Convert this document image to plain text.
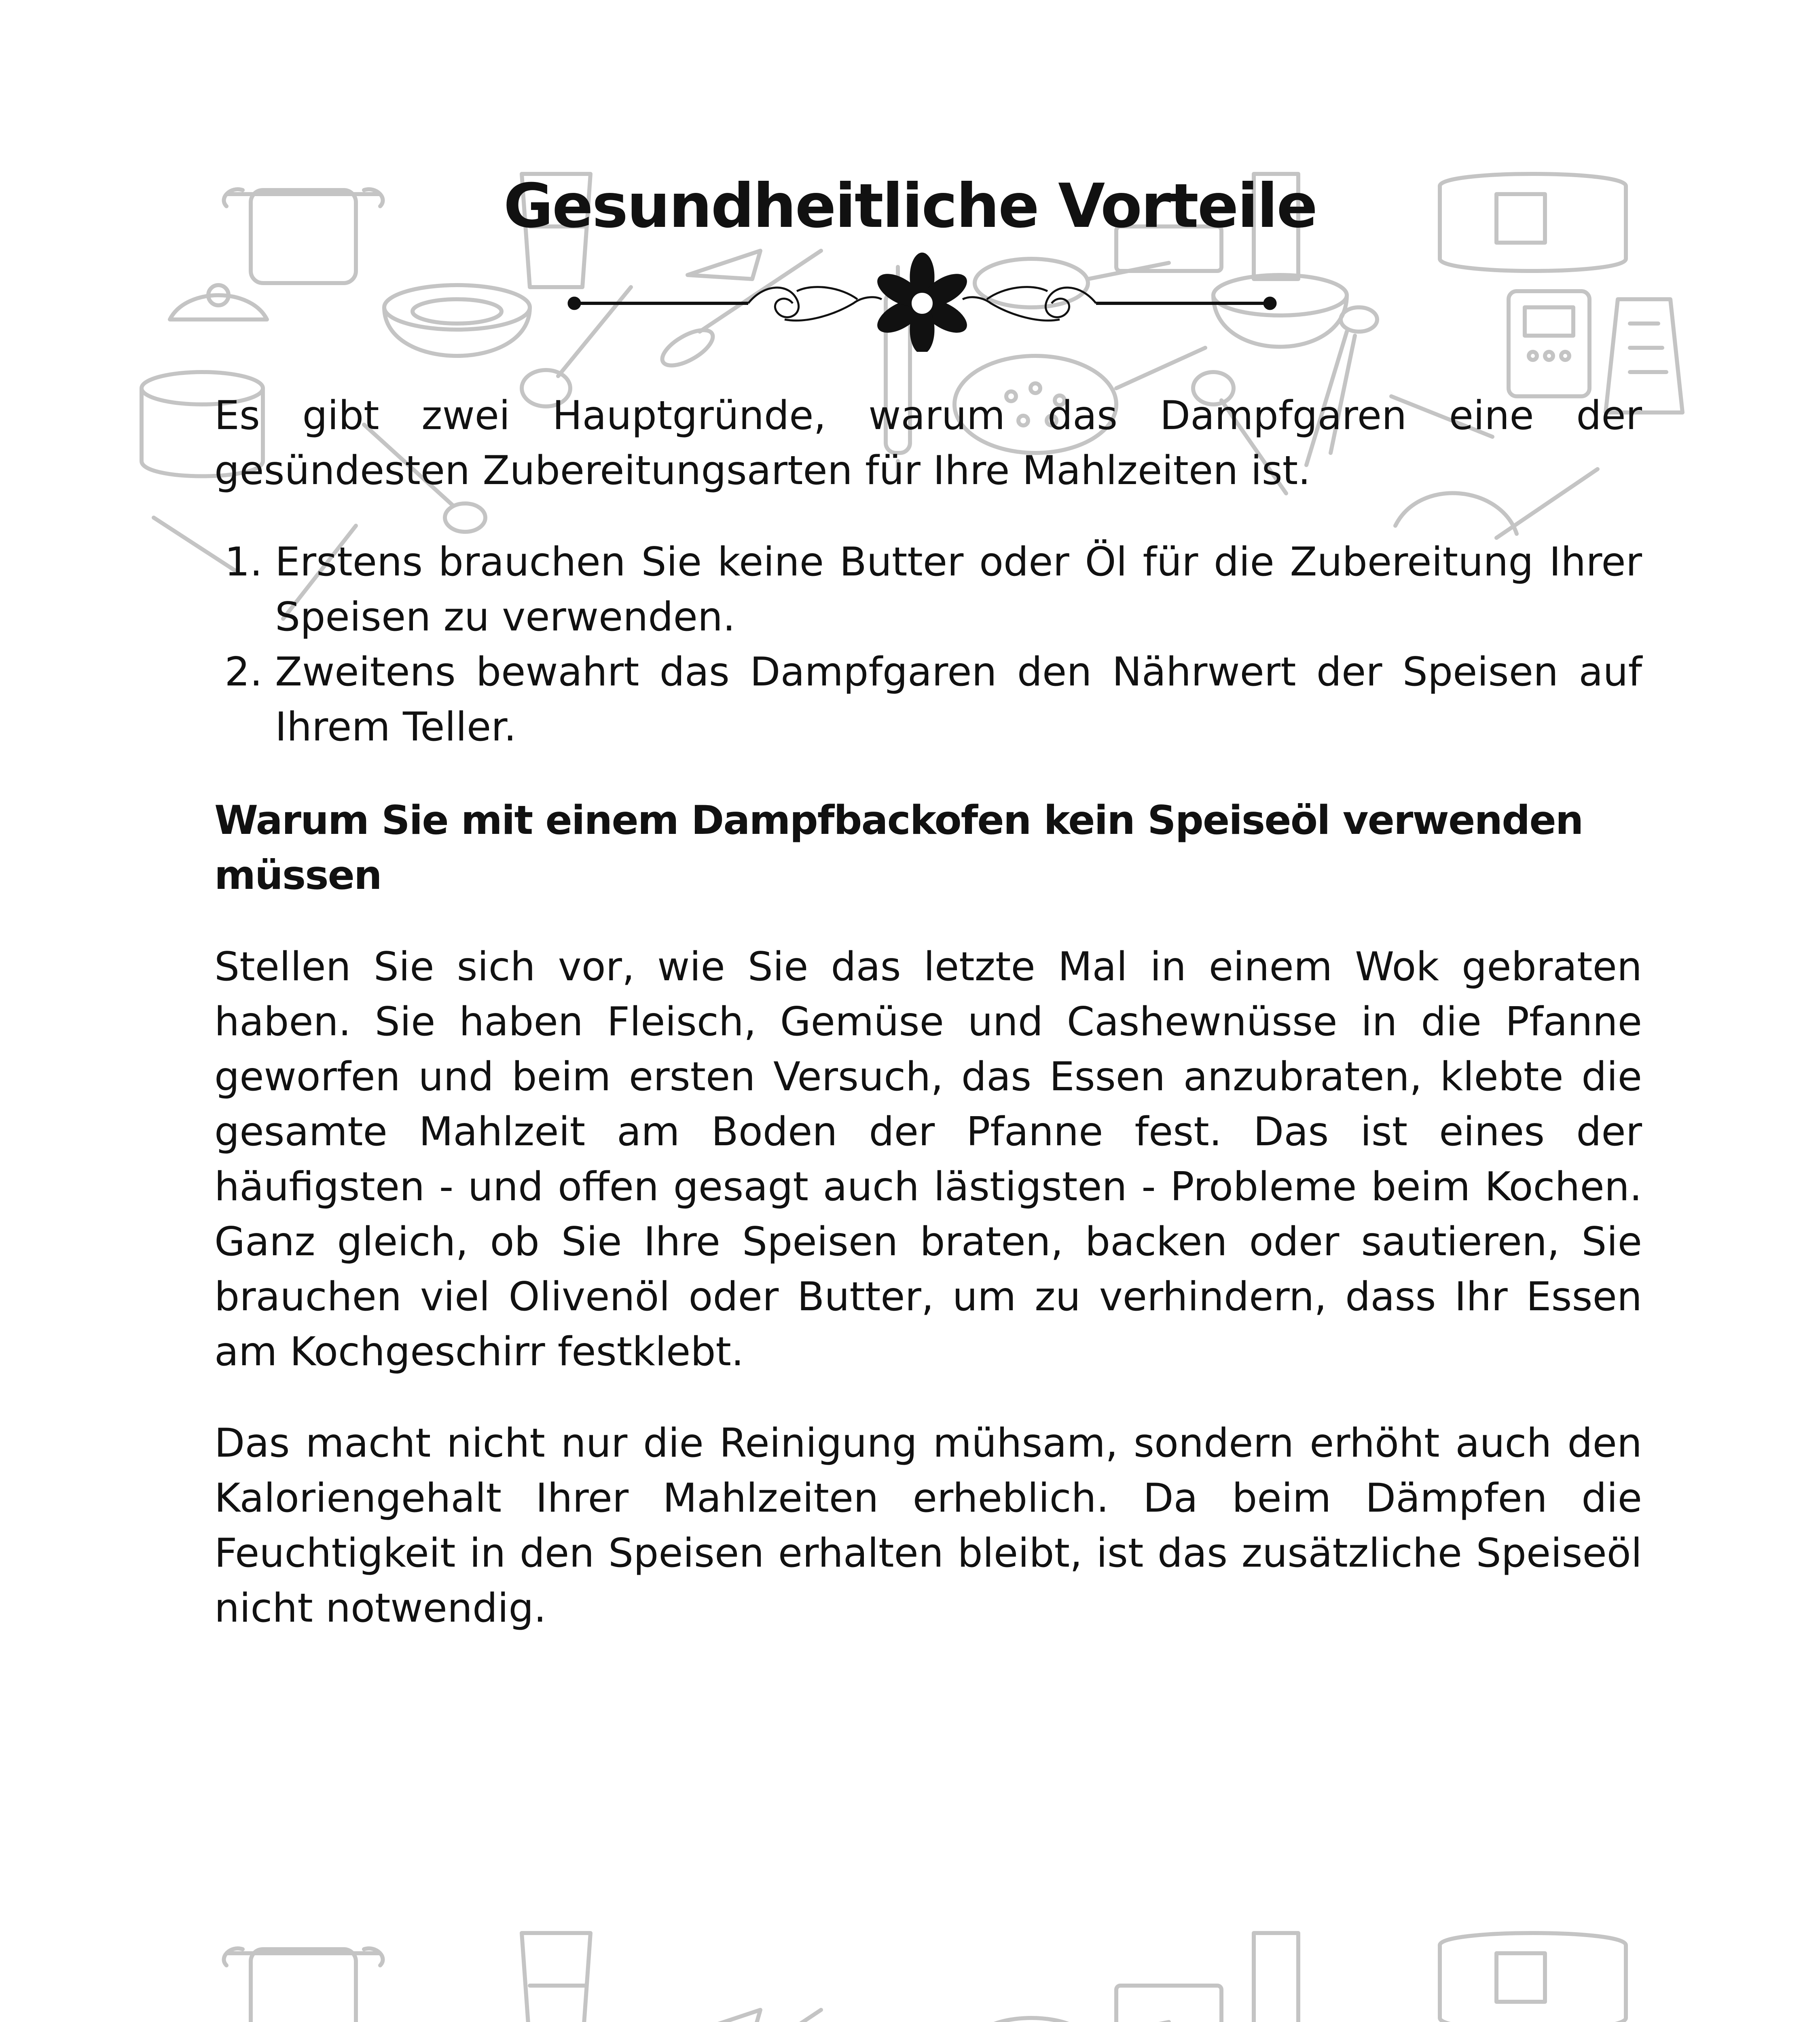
Gesundheitliche Vorteile

Es gibt zwei Hauptgründe, warum das Dampfgaren eine der gesündesten Zubereitungsarten für Ihre Mahlzeiten ist.

1. Erstens brauchen Sie keine Butter oder Öl für die Zubereitung Ihrer Speisen zu verwenden.
2. Zweitens bewahrt das Dampfgaren den Nährwert der Speisen auf Ihrem Teller.
Warum Sie mit einem Dampfbackofen kein Speiseöl verwenden müssen

Stellen Sie sich vor, wie Sie das letzte Mal in einem Wok gebraten haben. Sie haben Fleisch, Gemüse und Cashewnüsse in die Pfanne geworfen und beim ersten Versuch, das Essen anzubraten, klebte die gesamte Mahlzeit am Boden der Pfanne fest. Das ist eines der häufigsten - und offen gesagt auch lästigsten - Probleme beim Kochen. Ganz gleich, ob Sie Ihre Speisen braten, backen oder sautieren, Sie brauchen viel Olivenöl oder Butter, um zu verhindern, dass Ihr Essen am Kochgeschirr festklebt.

Das macht nicht nur die Reinigung mühsam, sondern erhöht auch den Kaloriengehalt Ihrer Mahlzeiten erheblich. Da beim Dämpfen die Feuchtigkeit in den Speisen erhalten bleibt, ist das zusätzliche Speiseöl nicht notwendig.
